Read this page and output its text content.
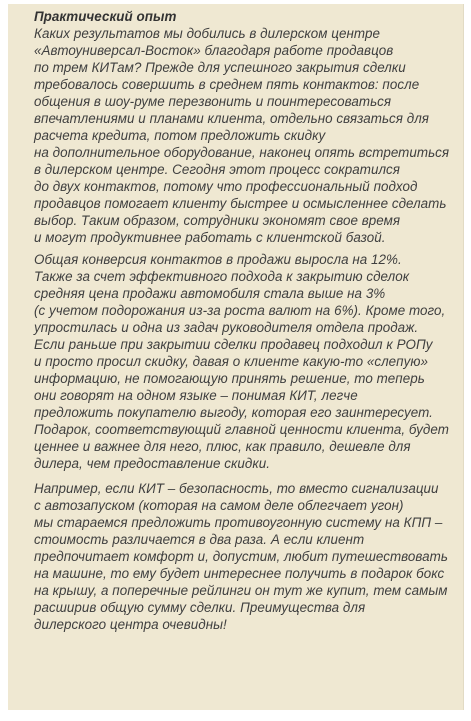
Практический опыт
Каких результатов мы добились в дилерском центре
«Автоуниверсал-Восток» благодаря работе продавцов
по трем КИТам? Прежде для успешного закрытия сделки
требовалось совершить в среднем пять контактов: после
общения в шоу-руме перезвонить и поинтересоваться
впечатлениями и планами клиента, отдельно связаться для
расчета кредита, потом предложить скидку
на дополнительное оборудование, наконец опять встретиться
в дилерском центре. Сегодня этот процесс сократился
до двух контактов, потому что профессиональный подход
продавцов помогает клиенту быстрее и осмысленнее сделать
выбор. Таким образом, сотрудники экономят свое время
и могут продуктивнее работать с клиентской базой.
Общая конверсия контактов в продажи выросла на 12%.
Также за счет эффективного подхода к закрытию сделок
средняя цена продажи автомобиля стала выше на 3%
(с учетом подорожания из-за роста валют на 6%). Кроме того,
упростилась и одна из задач руководителя отдела продаж.
Если раньше при закрытии сделки продавец подходил к РОПу
и просто просил скидку, давая о клиенте какую-то «слепую»
информацию, не помогающую принять решение, то теперь
они говорят на одном языке – понимая КИТ, легче
предложить покупателю выгоду, которая его заинтересует.
Подарок, соответствующий главной ценности клиента, будет
ценнее и важнее для него, плюс, как правило, дешевле для
дилера, чем предоставление скидки.
Например, если КИТ – безопасность, то вместо сигнализации
с автозапуском (которая на самом деле облегчает угон)
мы стараемся предложить противоугонную систему на КПП –
стоимость различается в два раза. А если клиент
предпочитает комфорт и, допустим, любит путешествовать
на машине, то ему будет интереснее получить в подарок бокс
на крышу, а поперечные рейлинги он тут же купит, тем самым
расширив общую сумму сделки. Преимущества для
дилерского центра очевидны!
